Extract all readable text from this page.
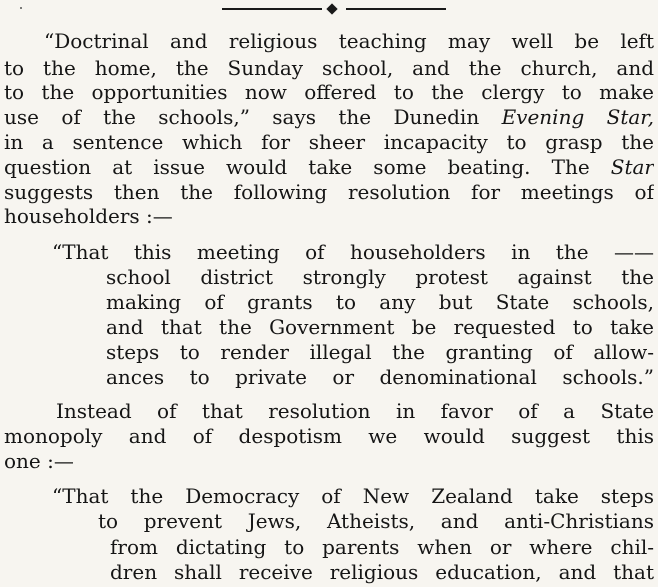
“Doctrinal and religious teaching may well be left
to the home, the Sunday school, and the church, and
to the opportunities now offered to the clergy to make
use of the schools,” says the Dunedin Evening Star,
in a sentence which for sheer incapacity to grasp the
question at issue would take some beating. The Star
suggests then the following resolution for meetings of
householders :—
“That this meeting of householders in the ——
school district strongly protest against the
making of grants to any but State schools,
and that the Government be requested to take
steps to render illegal the granting of allow-
ances to private or denominational schools.”
Instead of that resolution in favor of a State
monopoly and of despotism we would suggest this
one :—
“That the Democracy of New Zealand take steps
to prevent Jews, Atheists, and anti-Christians
from dictating to parents when or where chil-
dren shall receive religious education, and that
